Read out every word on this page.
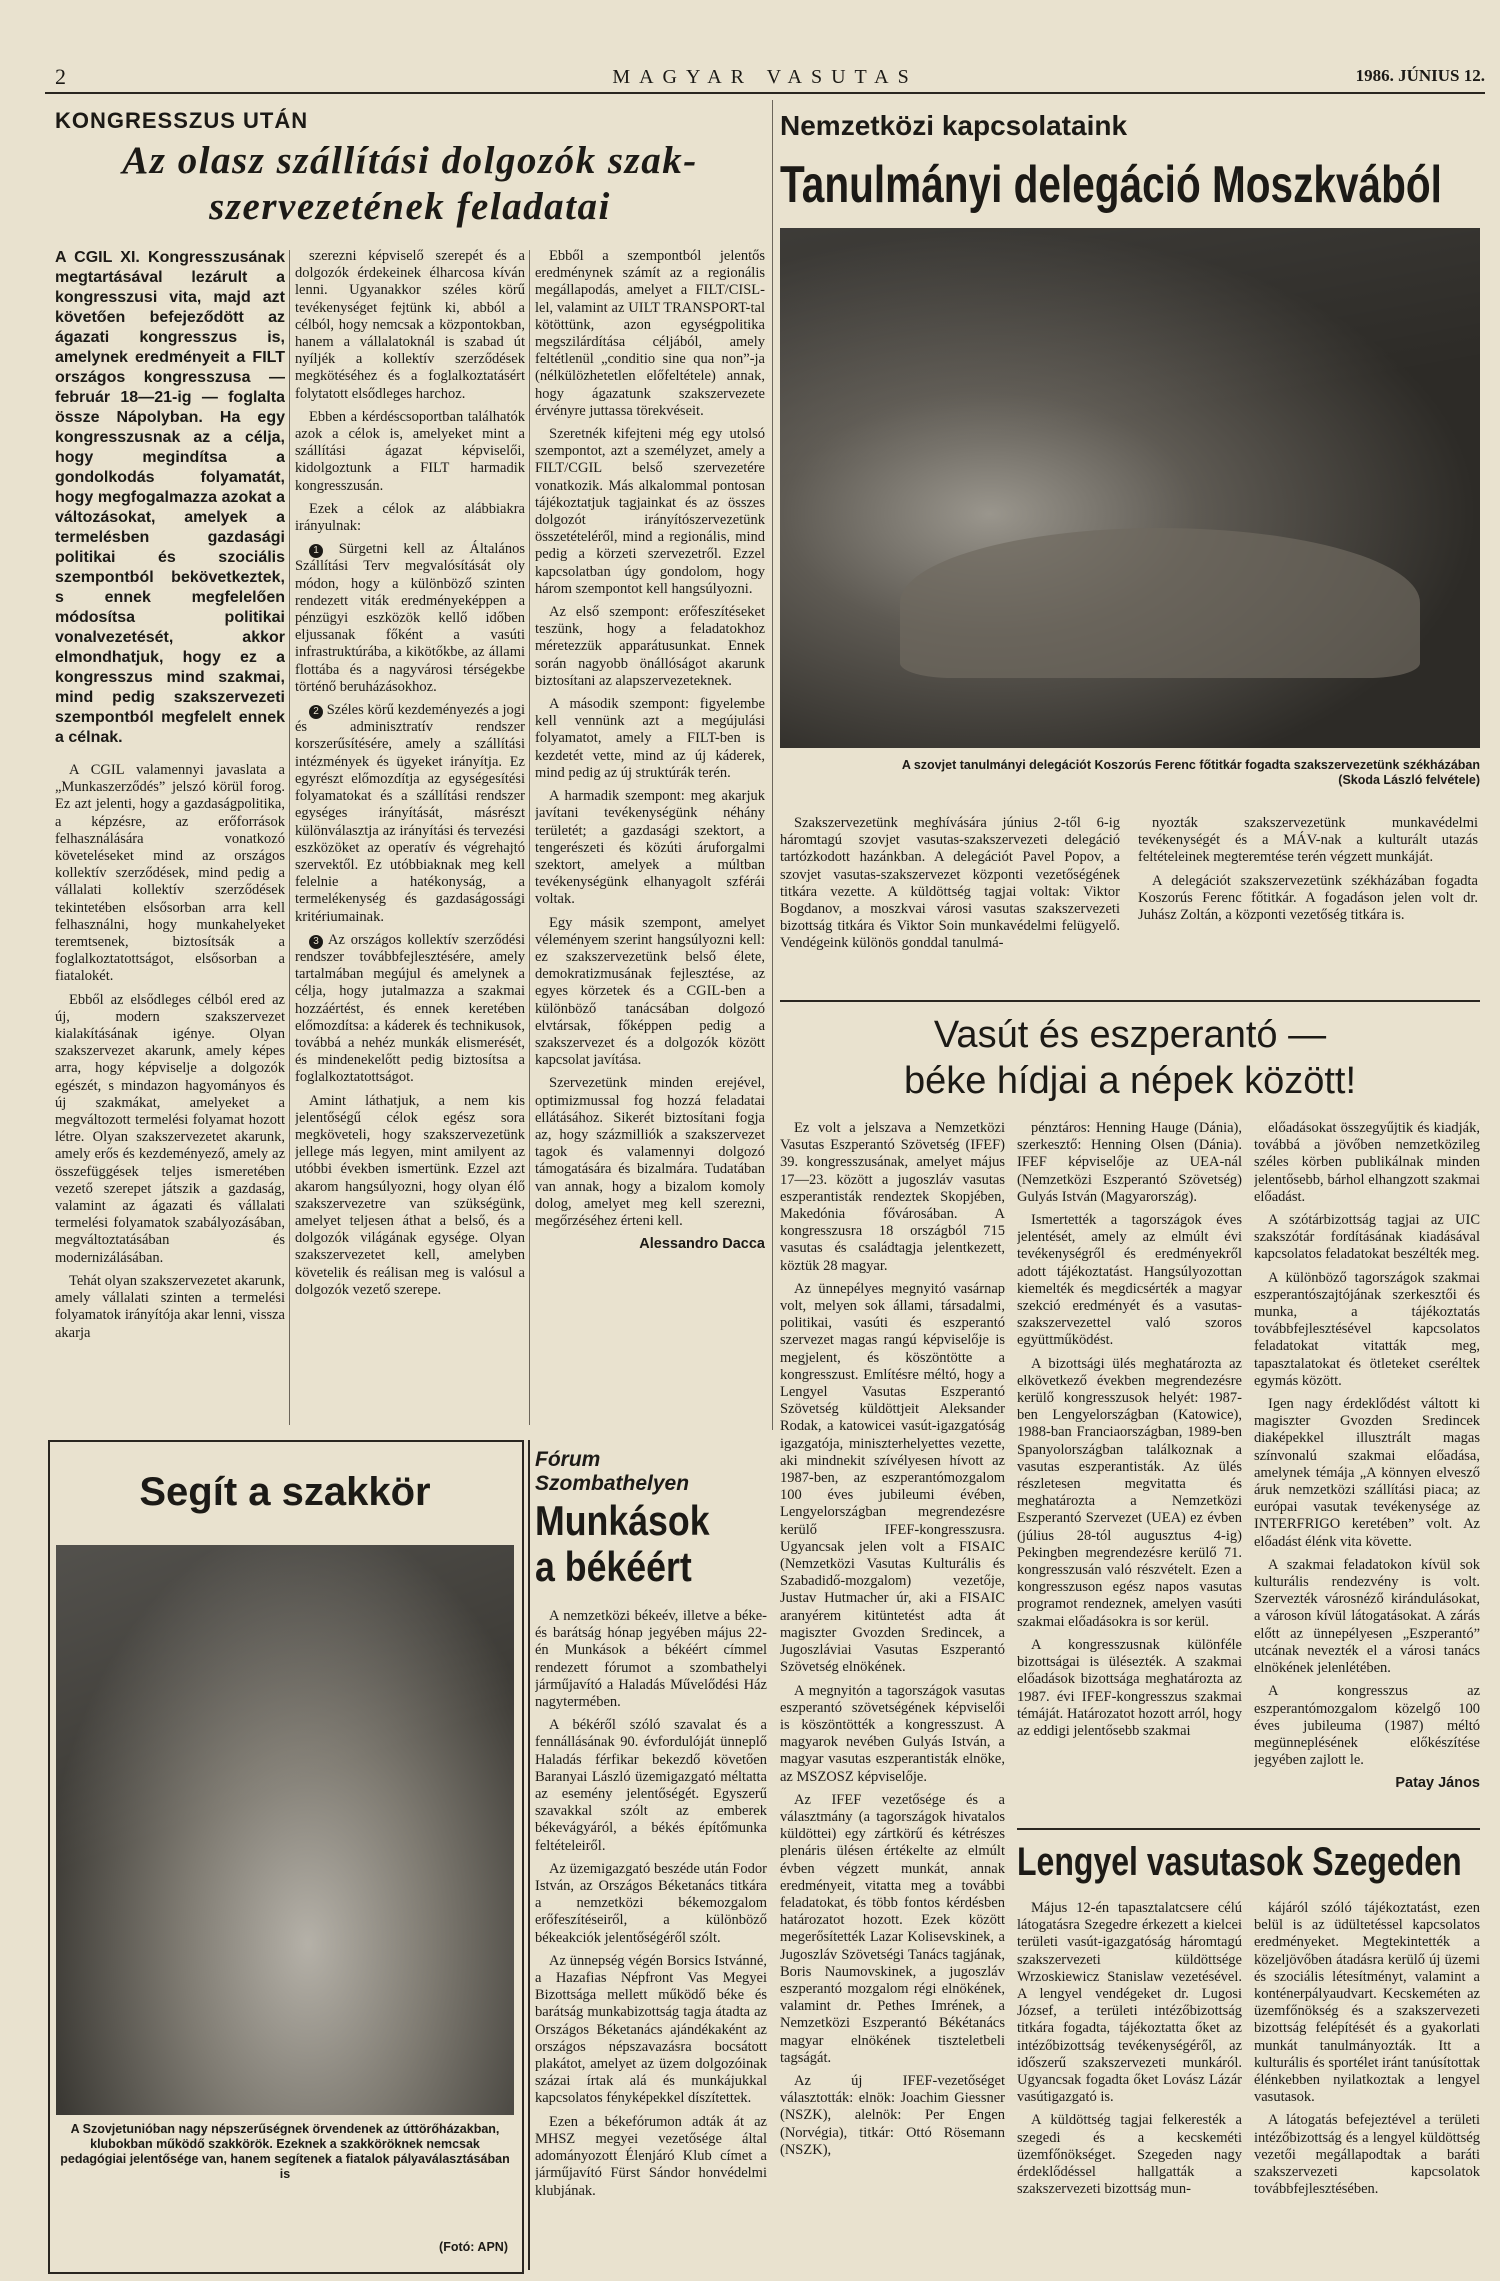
2	MAGYAR VASUTAS	1986. JÚNIUS 12.
KONGRESSZUS UTÁN
Az olasz szállítási dolgozók szak-
szervezetének feladatai

A CGIL XI. Kongresszusának megtartásával lezárult a kongresszusi vita, majd azt követően befejeződött az ágazati kongresszus is, amelynek eredményeit a FILT országos kongresszusa — február 18—21-ig — foglalta össze Nápolyban. Ha egy kongresszusnak az a célja, hogy megindítsa a gondolkodás folyamatát, hogy megfogalmazza azokat a változásokat, amelyek a termelésben gazdasági politikai és szociális szempontból bekövetkeztek, s ennek megfelelően módosítsa politikai vonalvezetését, akkor elmondhatjuk, hogy ez a kongresszus mind szakmai, mind pedig szakszervezeti szempontból megfelelt ennek a célnak.

A CGIL valamennyi javaslata a „Munkaszerződés” jelszó körül forog. Ez azt jelenti, hogy a gazdaságpolitika, a képzésre, az erőforrások felhasználására vonatkozó követeléseket mind az országos kollektív szerződések, mind pedig a vállalati kollektív szerződések tekintetében elsősorban arra kell felhasználni, hogy munkahelyeket teremtsenek, biztosítsák a foglalkoztatottságot, elsősorban a fiatalokét.

Ebből az elsődleges célból ered az új, modern szakszervezet kialakításának igénye. Olyan szakszervezet akarunk, amely képes arra, hogy képviselje a dolgozók egészét, s mindazon hagyományos és új szakmákat, amelyeket a megváltozott termelési folyamat hozott létre. Olyan szakszervezetet akarunk, amely erős és kezdeményező, amely az összefüggések teljes ismeretében vezető szerepet játszik a gazdaság, valamint az ágazati és vállalati termelési folyamatok szabályozásában, megváltoztatásában és modernizálásában.

Tehát olyan szakszervezetet akarunk, amely vállalati szinten a termelési folyamatok irányítója akar lenni, vissza akarja

szerezni képviselő szerepét és a dolgozók érdekeinek élharcosa kíván lenni. Ugyanakkor széles körű tevékenységet fejtünk ki, abból a célból, hogy nemcsak a központokban, hanem a vállalatoknál is szabad út nyíljék a kollektív szerződések megkötéséhez és a foglalkoztatásért folytatott elsődleges harchoz.

Ebben a kérdéscsoportban találhatók azok a célok is, amelyeket mint a szállítási ágazat képviselői, kidolgoztunk a FILT harmadik kongresszusán.

Ezek a célok az alábbiakra irányulnak:

1 Sürgetni kell az Általános Szállítási Terv megvalósítását oly módon, hogy a különböző szinten rendezett viták eredményeképpen a pénzügyi eszközök kellő időben eljussanak főként a vasúti infrastruktúrába, a kikötőkbe, az állami flottába és a nagyvárosi térségekbe történő beruházásokhoz.

2 Széles körű kezdeményezés a jogi és adminisztratív rendszer korszerűsítésére, amely a szállítási intézmények és ügyeket irányítja. Ez egyrészt előmozdítja az egységesítési folyamatokat és a szállítási rendszer egységes irányítását, másrészt különválasztja az irányítási és tervezési eszközöket az operatív és végrehajtó szervektől. Ez utóbbiaknak meg kell felelnie a hatékonyság, a termelékenység és gazdaságossági kritériumainak.

3 Az országos kollektív szerződési rendszer továbbfejlesztésére, amely tartalmában megújul és amelynek a célja, hogy jutalmazza a szakmai hozzáértést, és ennek keretében előmozdítsa: a káderek és technikusok, továbbá a nehéz munkák elismerését, és mindenekelőtt pedig biztosítsa a foglalkoztatottságot.

Amint láthatjuk, a nem kis jelentőségű célok egész sora megköveteli, hogy szakszervezetünk jellege más legyen, mint amilyent az utóbbi években ismertünk. Ezzel azt akarom hangsúlyozni, hogy olyan élő szakszervezetre van szükségünk, amelyet teljesen áthat a belső, és a dolgozók világának egysége. Olyan szakszervezetet kell, amelyben követelik és reálisan meg is valósul a dolgozók vezető szerepe.

Ebből a szempontból jelentős eredménynek számít az a regionális megállapodás, amelyet a FILT/CISL-lel, valamint az UILT TRANSPORT-tal kötöttünk, azon egységpolitika megszilárdítása céljából, amely feltétlenül „conditio sine qua non”-ja (nélkülözhetetlen előfeltétele) annak, hogy ágazatunk szakszervezete érvényre juttassa törekvéseit.

Szeretnék kifejteni még egy utolsó szempontot, azt a személyzet, amely a FILT/CGIL belső szervezetére vonatkozik. Más alkalommal pontosan tájékoztatjuk tagjainkat és az összes dolgozót irányítószervezetünk összetételéről, mind a regionális, mind pedig a körzeti szervezetről. Ezzel kapcsolatban úgy gondolom, hogy három szempontot kell hangsúlyozni.

Az első szempont: erőfeszítéseket teszünk, hogy a feladatokhoz méretezzük apparátusunkat. Ennek során nagyobb önállóságot akarunk biztosítani az alapszervezeteknek.

A második szempont: figyelembe kell vennünk azt a megújulási folyamatot, amely a FILT-ben is kezdetét vette, mind az új káderek, mind pedig az új struktúrák terén.

A harmadik szempont: meg akarjuk javítani tevékenységünk néhány területét; a gazdasági szektort, a tengerészeti és közúti áruforgalmi szektort, amelyek a múltban tevékenységünk elhanyagolt szférái voltak.

Egy másik szempont, amelyet véleményem szerint hangsúlyozni kell: ez szakszervezetünk belső élete, demokratizmusának fejlesztése, az egyes körzetek és a CGIL-ben a különböző tanácsában dolgozó elvtársak, főképpen pedig a szakszervezet és a dolgozók között kapcsolat javítása.

Szervezetünk minden erejével, optimizmussal fog hozzá feladatai ellátásához. Sikerét biztosítani fogja az, hogy százmilliók a szakszervezet tagok és valamennyi dolgozó támogatására és bizalmára. Tudatában van annak, hogy a bizalom komoly dolog, amelyet meg kell szerezni, megőrzéséhez érteni kell.

Alessandro Dacca
Nemzetközi kapcsolataink
Tanulmányi delegáció Moszkvából
A szovjet tanulmányi delegációt Koszorús Ferenc főtitkár fogadta szakszervezetünk székházában
(Skoda László felvétele)

Szakszervezetünk meghívására június 2-től 6-ig háromtagú szovjet vasutas-szakszervezeti delegáció tartózkodott hazánkban. A delegációt Pavel Popov, a szovjet vasutas-szakszervezet központi vezetőségének titkára vezette. A küldöttség tagjai voltak: Viktor Bogdanov, a moszkvai városi vasutas szakszervezeti bizottság titkára és Viktor Soin munkavédelmi felügyelő. Vendégeink különös gonddal tanulmá-

nyozták szakszervezetünk munkavédelmi tevékenységét és a MÁV-nak a kulturált utazás feltételeinek megteremtése terén végzett munkáját.

A delegációt szakszervezetünk székházában fogadta Koszorús Ferenc főtitkár. A fogadáson jelen volt dr. Juhász Zoltán, a központi vezetőség titkára is.

Vasút és eszperantó —
béke hídjai a népek között!

Ez volt a jelszava a Nemzetközi Vasutas Eszperantó Szövetség (IFEF) 39. kongresszusának, amelyet május 17—23. között a jugoszláv vasutas eszperantisták rendeztek Skopjében, Makedónia fővárosában. A kongresszusra 18 országból 715 vasutas és családtagja jelentkezett, köztük 28 magyar.

Az ünnepélyes megnyitó vasárnap volt, melyen sok állami, társadalmi, politikai, vasúti és eszperantó szervezet magas rangú képviselője is megjelent, és köszöntötte a kongresszust. Említésre méltó, hogy a Lengyel Vasutas Eszperantó Szövetség küldöttjeit Aleksander Rodak, a katowicei vasút-igazgatóság igazgatója, miniszterhelyettes vezette, aki mindnekit szívélyesen hívott az 1987-ben, az eszperantómozgalom 100 éves jubileumi évében, Lengyelországban megrendezésre kerülő IFEF-kongresszusra. Ugyancsak jelen volt a FISAIC (Nemzetközi Vasutas Kulturális és Szabadidő-mozgalom) vezetője, Justav Hutmacher úr, aki a FISAIC aranyérem kitüntetést adta át magiszter Gvozden Sredincek, a Jugoszláviai Vasutas Eszperantó Szövetség elnökének.

A megnyitón a tagországok vasutas eszperantó szövetségének képviselői is köszöntötték a kongresszust. A magyarok nevében Gulyás István, a magyar vasutas eszperantisták elnöke, az MSZOSZ képviselője.

Az IFEF vezetősége és a választmány (a tagországok hivatalos küldöttei) egy zártkörű és kétrészes plenáris ülésen értékelte az elmúlt évben végzett munkát, annak eredményeit, vitatta meg a további feladatokat, és több fontos kérdésben határozatot hozott. Ezek között megerősítették Lazar Kolisevskinek, a Jugoszláv Szövetségi Tanács tagjának, Boris Naumovskinek, a jugoszláv eszperantó mozgalom régi elnökének, valamint dr. Pethes Imrének, a Nemzetközi Eszperantó Békétanács magyar elnökének tiszteletbeli tagságát.

Az új IFEF-vezetőséget választották: elnök: Joachim Giessner (NSZK), alelnök: Per Engen (Norvégia), titkár: Ottó Rösemann (NSZK),

pénztáros: Henning Hauge (Dánia), szerkesztő: Henning Olsen (Dánia). IFEF képviselője az UEA-nál (Nemzetközi Eszperantó Szövetség) Gulyás István (Magyarország).

Ismertették a tagországok éves jelentését, amely az elmúlt évi tevékenységről és eredményekről adott tájékoztatást. Hangsúlyozottan kiemelték és megdicsérték a magyar szekció eredményét és a vasutas-szakszervezettel való szoros együttműködést.

A bizottsági ülés meghatározta az elkövetkező években megrendezésre kerülő kongresszusok helyét: 1987-ben Lengyelországban (Katowice), 1988-ban Franciaországban, 1989-ben Spanyolországban találkoznak a vasutas eszperantisták. Az ülés részletesen megvitatta és meghatározta a Nemzetközi Eszperantó Szervezet (UEA) ez évben (július 28-tól augusztus 4-ig) Pekingben megrendezésre kerülő 71. kongresszusán való részvételt. Ezen a kongresszuson egész napos vasutas programot rendeznek, amelyen vasúti szakmai előadásokra is sor kerül.

A kongresszusnak különféle bizottságai is ülésezték. A szakmai előadások bizottsága meghatározta az 1987. évi IFEF-kongresszus szakmai témáját. Határozatot hozott arról, hogy az eddigi jelentősebb szakmai

előadásokat összegyűjtik és kiadják, továbbá a jövőben nemzetközileg széles körben publikálnak minden jelentősebb, bárhol elhangzott szakmai előadást.

A szótárbizottság tagjai az UIC szakszótár fordításának kiadásával kapcsolatos feladatokat beszélték meg.

A különböző tagországok szakmai eszperantószajtójának szerkesztői és munka, a tájékoztatás továbbfejlesztésével kapcsolatos feladatokat vitatták meg, tapasztalatokat és ötleteket cseréltek egymás között.

Igen nagy érdeklődést váltott ki magiszter Gvozden Sredincek diaképekkel illusztrált magas színvonalú szakmai előadása, amelynek témája „A könnyen elvesző áruk nemzetközi szállítási piaca; az európai vasutak tevékenysége az INTERFRIGO keretében” volt. Az előadást élénk vita követte.

A szakmai feladatokon kívül sok kulturális rendezvény is volt. Szervezték városnéző kirándulásokat, a városon kívül látogatásokat. A zárás előtt az ünnepélyesen „Eszperantó” utcának nevezték el a városi tanács elnökének jelenlétében.

A kongresszus az eszperantómozgalom közelgő 100 éves jubileuma (1987) méltó megünneplésének előkészítése jegyében zajlott le.

Patay János
Lengyel vasutasok Szegeden

Május 12-én tapasztalatcsere célú látogatásra Szegedre érkezett a kielcei területi vasút-igazgatóság háromtagú szakszervezeti küldöttsége Wrzoskiewicz Stanislaw vezetésével. A lengyel vendégeket dr. Lugosi József, a területi intézőbizottság titkára fogadta, tájékoztatta őket az intézőbizottság tevékenységéről, az időszerű szakszervezeti munkáról. Ugyancsak fogadta őket Lovász Lázár vasútigazgató is.

A küldöttség tagjai felkeresték a szegedi és a kecskeméti üzemfőnökséget. Szegeden nagy érdeklődéssel hallgatták a szakszervezeti bizottság mun-

kájáról szóló tájékoztatást, ezen belül is az üdültetéssel kapcsolatos eredményeket. Megtekintették a közeljövőben átadásra kerülő új üzemi és szociális létesítményt, valamint a konténerpályaudvart. Kecskeméten az üzemfőnökség és a szakszervezeti bizottság felépítését és a gyakorlati munkát tanulmányozták. Itt a kulturális és sportélet iránt tanúsítottak élénkebben nyilatkoztak a lengyel vasutasok.

A látogatás befejeztével a területi intézőbizottság és a lengyel küldöttség vezetői megállapodtak a baráti szakszervezeti kapcsolatok továbbfejlesztésében.

Segít a szakkör
A Szovjetunióban nagy népszerűségnek örvendenek az úttörőházakban, klubokban működő szakkörök. Ezeknek a szakköröknek nemcsak pedagógiai jelentősége van, hanem segítenek a fiatalok pályaválasztásában is
(Fotó: APN)
Fórum
Szombathelyen
Munkások
a békéért

A nemzetközi békeév, illetve a béke- és barátság hónap jegyében május 22-én Munkások a békéért címmel rendezett fórumot a szombathelyi járműjavító a Haladás Művelődési Ház nagytermében.

A békéről szóló szavalat és a fennállásának 90. évfordulóját ünneplő Haladás férfikar bekezdő követően Baranyai László üzemigazgató méltatta az esemény jelentőségét. Egyszerű szavakkal szólt az emberek békevágyáról, a békés építőmunka feltételeiről.

Az üzemigazgató beszéde után Fodor István, az Országos Béketanács titkára a nemzetközi békemozgalom erőfeszítéseiről, a különböző békeakciók jelentőségéről szólt.

Az ünnepség végén Borsics Istvánné, a Hazafias Népfront Vas Megyei Bizottsága mellett működő béke és barátság munkabizottság tagja átadta az Országos Béketanács ajándékaként az országos népszavazásra bocsátott plakátot, amelyet az üzem dolgozóinak százai írtak alá és munkájukkal kapcsolatos fényképekkel díszítettek.

Ezen a békefórumon adták át az MHSZ megyei vezetősége által adományozott Élenjáró Klub címet a járműjavító Fürst Sándor honvédelmi klubjának.
